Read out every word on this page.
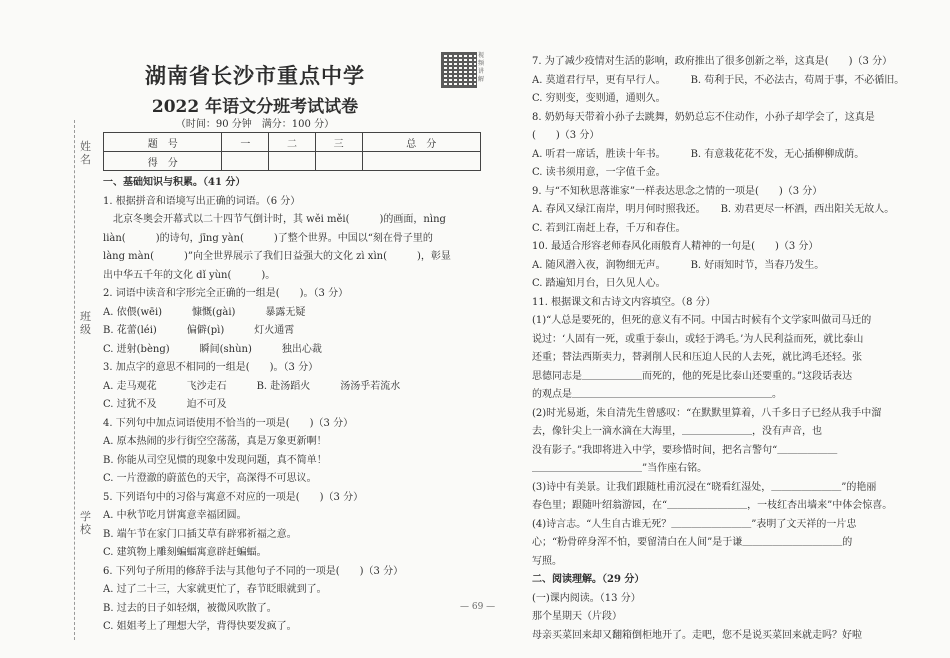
姓名
班级
学校
湖南省长沙市重点中学
2022 年语文分班考试试卷
（时间：90 分钟　满分：100 分）
视频讲解
题　号	一	二	三	总　分
得　分				
一、基础知识与积累。（41 分）
1. 根据拼音和语境写出正确的词语。（6 分）
　北京冬奥会开幕式以二十四节气倒计时，其 wěi měi(　　　)的画面，nìng
liàn(　　　)的诗句，jīng yàn(　　　)了整个世界。中国以“刻在骨子里的
làng màn(　　　)”向全世界展示了我们日益强大的文化 zì xìn(　　　)，彰显
出中华五千年的文化 dǐ yùn(　　　)。
2. 词语中读音和字形完全正确的一组是(　　)。（3 分）
A. 依偎(wēi)　　　慷慨(gài)　　　暴露无疑
B. 花蕾(léi)　　　偏僻(pì)　　　灯火通霄
C. 迸射(bèng)　　　瞬间(shùn)　　　独出心裁
3. 加点字的意思不相同的一组是(　　)。（3 分）
A. 走马观花　　　飞沙走石　　　B. 赴汤蹈火　　　汤汤乎若流水
C. 过犹不及　　　迫不可及
4. 下列句中加点词语使用不恰当的一项是(　　)（3 分）
A. 原本热闹的步行街空空荡荡，真是万象更新啊！
B. 你能从司空见惯的现象中发现问题，真不简单！
C. 一片澄澈的蔚蓝色的天宇，高深得不可思议。
5. 下列语句中的习俗与寓意不对应的一项是(　　)（3 分）
A. 中秋节吃月饼寓意幸福团圆。
B. 端午节在家门口插艾草有辟邪祈福之意。
C. 建筑物上雕刻蝙蝠寓意辟赶蝙蝠。
6. 下列句子所用的修辞手法与其他句子不同的一项是(　　)（3 分）
A. 过了二十三，大家就更忙了，春节眨眼就到了。
B. 过去的日子如轻烟，被微风吹散了。
C. 姐姐考上了理想大学，背得快要发疯了。
7. 为了减少疫情对生活的影响，政府推出了很多创新之举，这真是(　　)（3 分）
A. 莫道君行早，更有早行人。　　　B. 苟利于民，不必法古，苟周于事，不必循旧。
C. 穷则变，变则通，通则久。
8. 奶奶每天带着小孙子去跳舞，奶奶总忘不住动作，小孙子却学会了，这真是
(　　)（3 分）
A. 听君一席话，胜读十年书。　　　B. 有意栽花花不发，无心插柳柳成荫。
C. 读书须用意，一字值千金。
9. 与“不知秋思落谁家”一样表达思念之情的一项是(　　)（3 分）
A. 春风又绿江南岸，明月何时照我还。　　B. 劝君更尽一杯酒，西出阳关无故人。
C. 若到江南赶上春，千万和春住。
10. 最适合形容老师春风化雨般育人精神的一句是(　　)（3 分）
A. 随风潜入夜，润物细无声。　　　B. 好雨知时节，当春乃发生。
C. 踏遍知月台，日久见人心。
11. 根据课文和古诗文内容填空。（8 分）
(1)“人总是要死的，但死的意义有不同。中国古时候有个文学家叫做司马迁的
说过：‘人固有一死，或重于泰山，或轻于鸿毛。’为人民利益而死，就比泰山
还重；替法西斯卖力，替剥削人民和压迫人民的人去死，就比鸿毛还轻。张
思德同志是＿＿＿＿＿＿而死的，他的死是比泰山还要重的。”这段话表达
的观点是＿＿＿＿＿＿＿＿＿＿＿＿＿＿＿＿＿＿＿＿。
(2)时光易逝，朱自清先生曾感叹：“在默默里算着，八千多日子已经从我手中溜
去，像针尖上一滴水滴在大海里，＿＿＿＿＿＿＿，没有声音，也
没有影子。”我即将进入中学，要珍惜时间，把名言警句“＿＿＿＿＿＿
＿＿＿＿＿＿＿＿＿＿＿”当作座右铭。
(3)诗中有美景。让我们跟随杜甫沉浸在“晓看红湿处，＿＿＿＿＿＿＿”的艳丽
春色里；跟随叶绍翁游园，在“＿＿＿＿＿＿＿＿，一枝红杏出墙来”中体会惊喜。
(4)诗言志。“人生自古谁无死？＿＿＿＿＿＿＿＿”表明了文天祥的一片忠
心；“粉骨碎身浑不怕，要留清白在人间”是于谦＿＿＿＿＿＿＿＿＿＿的
写照。
二、阅读理解。（29 分）
(一)课内阅读。（13 分）
那个星期天（片段）
母亲买菜回来却又翻箱倒柜地开了。走吧，您不是说买菜回来就走吗？好啦
— 69 —
